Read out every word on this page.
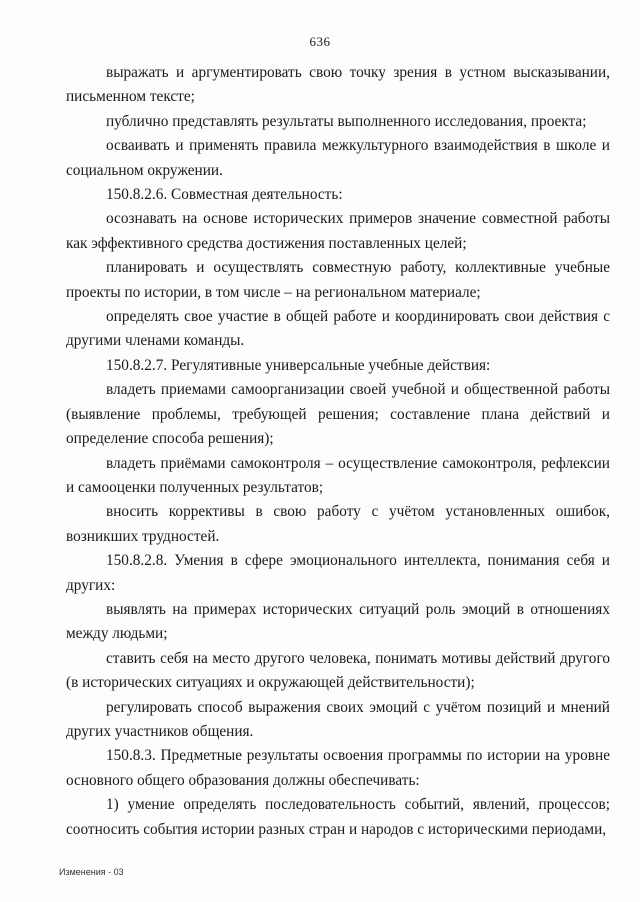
636

выражать и аргументировать свою точку зрения в устном высказывании, письменном тексте;

публично представлять результаты выполненного исследования, проекта;

осваивать и применять правила межкультурного взаимодействия в школе и социальном окружении.

150.8.2.6. Совместная деятельность:

осознавать на основе исторических примеров значение совместной работы как эффективного средства достижения поставленных целей;

планировать и осуществлять совместную работу, коллективные учебные проекты по истории, в том числе – на региональном материале;

определять свое участие в общей работе и координировать свои действия с другими членами команды.

150.8.2.7. Регулятивные универсальные учебные действия:

владеть приемами самоорганизации своей учебной и общественной работы (выявление проблемы, требующей решения; составление плана действий и определение способа решения);

владеть приёмами самоконтроля – осуществление самоконтроля, рефлексии и самооценки полученных результатов;

вносить коррективы в свою работу с учётом установленных ошибок, возникших трудностей.

150.8.2.8. Умения в сфере эмоционального интеллекта, понимания себя и других:

выявлять на примерах исторических ситуаций роль эмоций в отношениях между людьми;

ставить себя на место другого человека, понимать мотивы действий другого (в исторических ситуациях и окружающей действительности);

регулировать способ выражения своих эмоций с учётом позиций и мнений других участников общения.

150.8.3. Предметные результаты освоения программы по истории на уровне основного общего образования должны обеспечивать:

1) умение определять последовательность событий, явлений, процессов; соотносить события истории разных стран и народов с историческими периодами,

Изменения - 03
